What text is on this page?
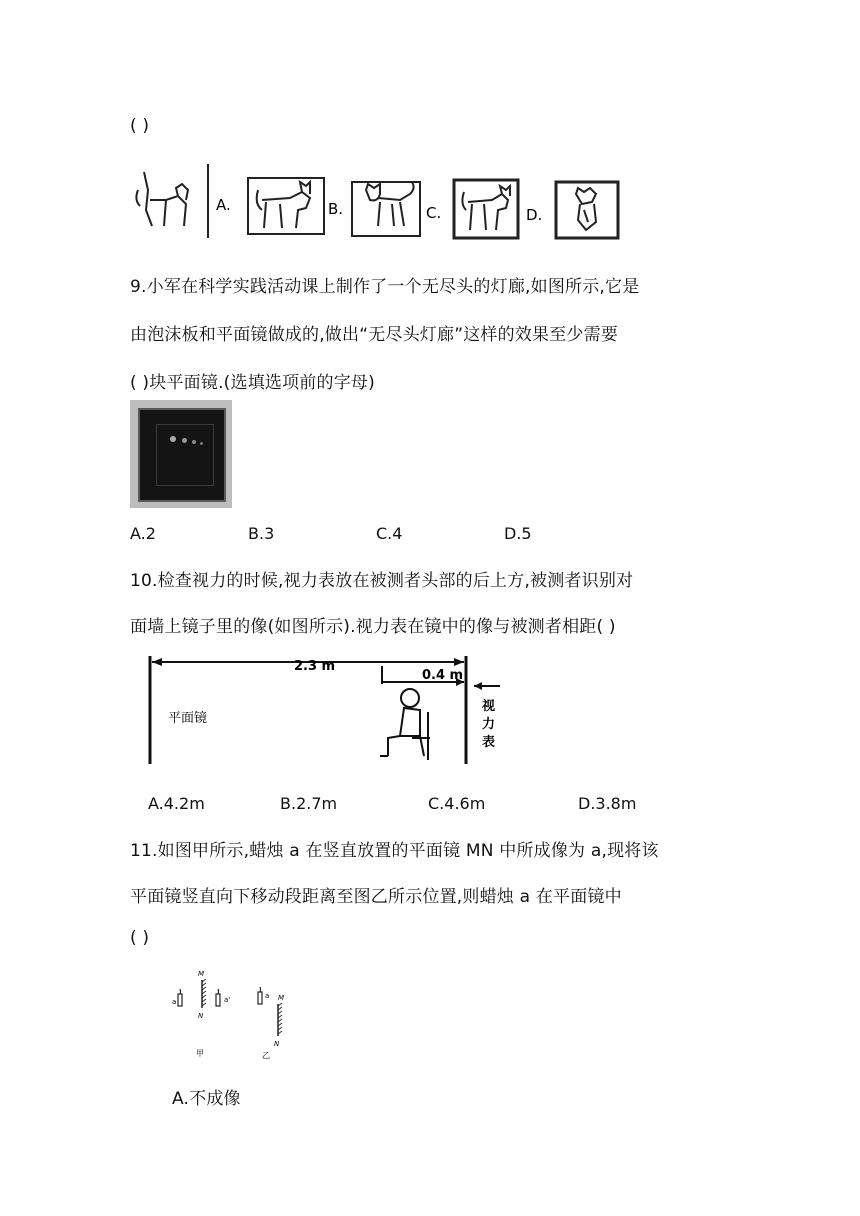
( )
A.	B.	C.	D.
9.小军在科学实践活动课上制作了一个无尽头的灯廊,如图所示,它是
由泡沫板和平面镜做成的,做出“无尽头灯廊”这样的效果至少需要
( )块平面镜.(选填选项前的字母)
A.2	B.3	C.4	D.5
10.检查视力的时候,视力表放在被测者头部的后上方,被测者识别对
面墙上镜子里的像(如图所示).视力表在镜中的像与被测者相距( )
2.3 m
0.4 m
视
力
表
平面镜
A.4.2m	B.2.7m	C.4.6m	D.3.8m
11.如图甲所示,蜡烛 a 在竖直放置的平面镜 MN 中所成像为 a,现将该
平面镜竖直向下移动段距离至图乙所示位置,则蜡烛 a 在平面镜中
( )
a
M
N
a'
甲
a M
N
乙
A.不成像
